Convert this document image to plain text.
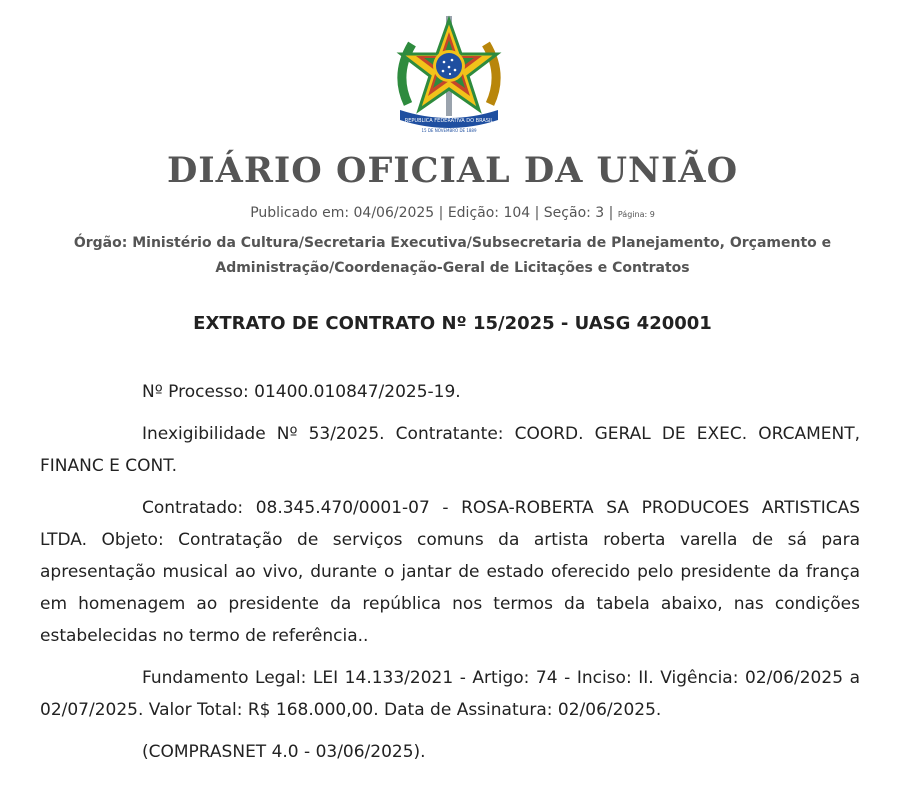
REPUBLICA FEDERATIVA DO BRASIL
15 DE NOVEMBRO DE 1889
DIÁRIO OFICIAL DA UNIÃO
Publicado em: 04/06/2025 | Edição: 104 | Seção: 3 | Página: 9
Órgão: Ministério da Cultura/Secretaria Executiva/Subsecretaria de Planejamento, Orçamento e Administração/Coordenação-Geral de Licitações e Contratos
EXTRATO DE CONTRATO Nº 15/2025 - UASG 420001

Nº Processo: 01400.010847/2025-19.

Inexigibilidade Nº 53/2025. Contratante: COORD. GERAL DE EXEC. ORCAMENT, FINANC E CONT.

Contratado: 08.345.470/0001-07 - ROSA-ROBERTA SA PRODUCOES ARTISTICAS LTDA. Objeto: Contratação de serviços comuns da artista roberta varella de sá para apresentação musical ao vivo, durante o jantar de estado oferecido pelo presidente da frança em homenagem ao presidente da república nos termos da tabela abaixo, nas condições estabelecidas no termo de referência..

Fundamento Legal: LEI 14.133/2021 - Artigo: 74 - Inciso: II. Vigência: 02/06/2025 a 02/07/2025. Valor Total: R$ 168.000,00. Data de Assinatura: 02/06/2025.

(COMPRASNET 4.0 - 03/06/2025).
